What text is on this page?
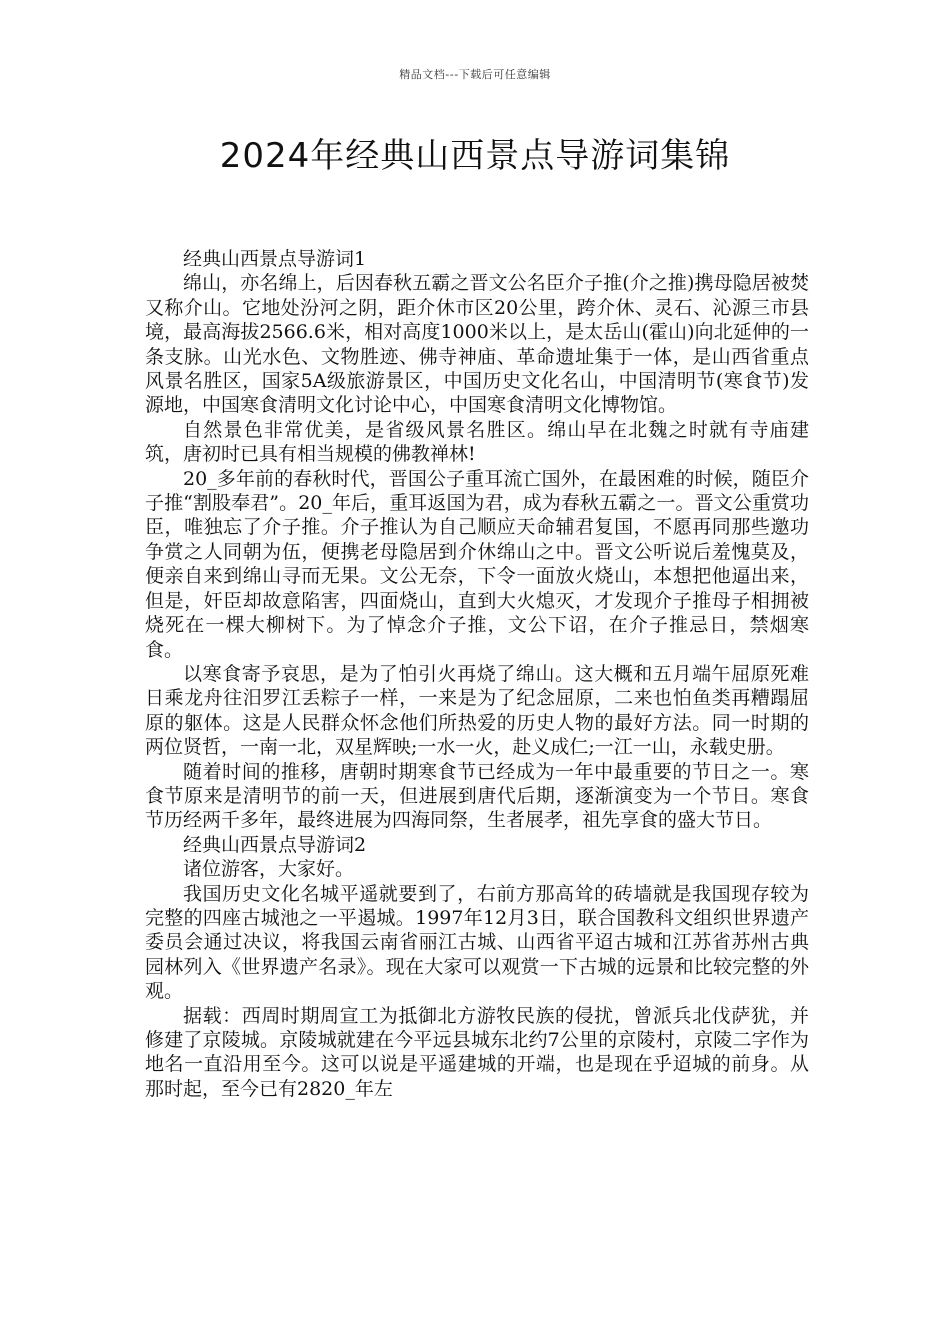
精品文档---下载后可任意编辑
2024年经典山西景点导游词集锦

经典山西景点导游词1

绵山，亦名绵上，后因春秋五霸之晋文公名臣介子推(介之推)携母隐居被焚又称介山。它地处汾河之阴，距介休市区20公里，跨介休、灵石、沁源三市县境，最高海拔2566.6米，相对高度1000米以上，是太岳山(霍山)向北延伸的一条支脉。山光水色、文物胜迹、佛寺神庙、革命遗址集于一体，是山西省重点风景名胜区，国家5A级旅游景区，中国历史文化名山，中国清明节(寒食节)发源地，中国寒食清明文化讨论中心，中国寒食清明文化博物馆。

自然景色非常优美，是省级风景名胜区。绵山早在北魏之时就有寺庙建筑，唐初时已具有相当规模的佛教禅林!

20_多年前的春秋时代，晋国公子重耳流亡国外，在最困难的时候，随臣介子推“割股奉君”。20_年后，重耳返国为君，成为春秋五霸之一。晋文公重赏功臣，唯独忘了介子推。介子推认为自己顺应天命辅君复国，不愿再同那些邀功争赏之人同朝为伍，便携老母隐居到介休绵山之中。晋文公听说后羞愧莫及，便亲自来到绵山寻而无果。文公无奈，下令一面放火烧山，本想把他逼出来，但是，奸臣却故意陷害，四面烧山，直到大火熄灭，才发现介子推母子相拥被烧死在一棵大柳树下。为了悼念介子推，文公下诏，在介子推忌日，禁烟寒食。

以寒食寄予哀思，是为了怕引火再烧了绵山。这大概和五月端午屈原死难日乘龙舟往汨罗江丢粽子一样，一来是为了纪念屈原，二来也怕鱼类再糟蹋屈原的躯体。这是人民群众怀念他们所热爱的历史人物的最好方法。同一时期的两位贤哲，一南一北，双星辉映;一水一火，赴义成仁;一江一山，永载史册。

随着时间的推移，唐朝时期寒食节已经成为一年中最重要的节日之一。寒食节原来是清明节的前一天，但进展到唐代后期，逐渐演变为一个节日。寒食节历经两千多年，最终进展为四海同祭，生者展孝，祖先享食的盛大节日。

经典山西景点导游词2

诸位游客，大家好。

我国历史文化名城平遥就要到了，右前方那高耸的砖墙就是我国现存较为完整的四座古城池之一平遏城。1997年12月3日，联合国教科文组织世界遗产委员会通过决议，将我国云南省丽江古城、山西省平迢古城和江苏省苏州古典园林列入《世界遗产名录》。现在大家可以观赏一下古城的远景和比较完整的外观。

据载：西周时期周宣工为抵御北方游牧民族的侵扰，曾派兵北伐萨犹，并修建了京陵城。京陵城就建在今平远县城东北约7公里的京陵村，京陵二字作为地名一直沿用至今。这可以说是平遥建城的开端，也是现在乎迢城的前身。从那时起，至今已有2820_年左
